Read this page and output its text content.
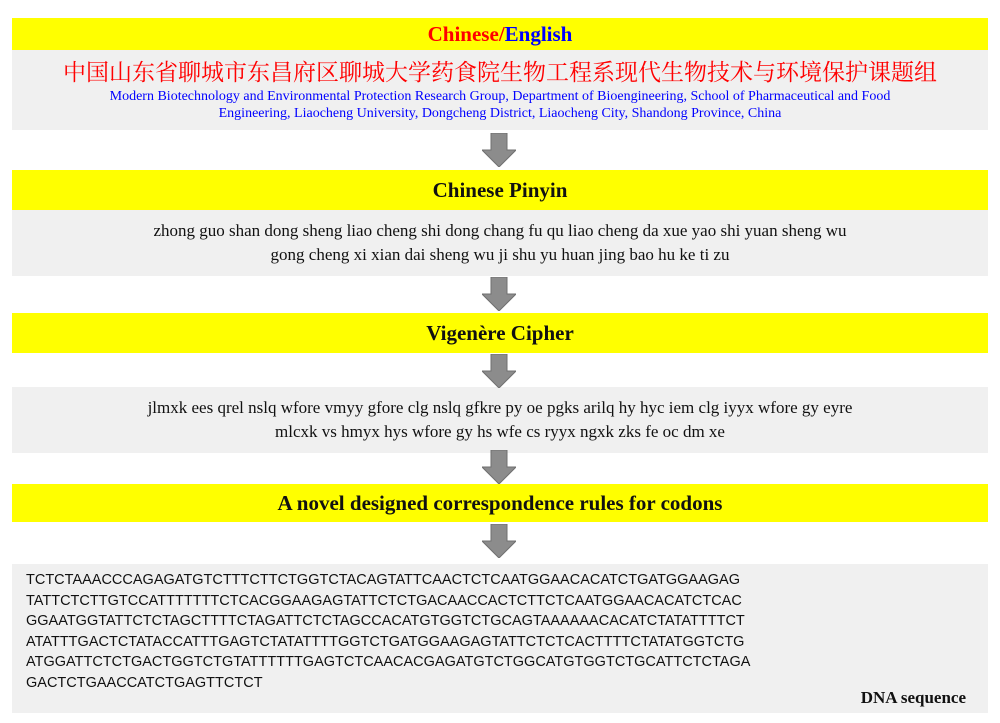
Chinese / English
中国山东省聊城市东昌府区聊城大学药食院生物工程系现代生物技术与环境保护课题组
Modern Biotechnology and Environmental Protection Research Group, Department of Bioengineering, School of Pharmaceutical and Food
Engineering, Liaocheng University, Dongcheng District, Liaocheng City, Shandong Province, China
Chinese Pinyin
zhong guo shan dong sheng liao cheng shi dong chang fu qu liao cheng da xue yao shi yuan sheng wu
gong cheng xi xian dai sheng wu ji shu yu huan jing bao hu ke ti zu
Vigenère Cipher
jlmxk ees qrel nslq wfore vmyy gfore clg nslq gfkre py oe pgks arilq hy hyc iem clg iyyx wfore gy eyre
mlcxk vs hmyx hys wfore gy hs wfe cs ryyx ngxk zks fe oc dm xe
A novel designed correspondence rules for codons
TCTCTAAACCCAGAGATGTCTTTCTTCTGGTCTACAGTATTCAACTCTCAATGGAACACATCTGATGGAAGAG
TATTCTCTTGTCCATTTTTTTCTCACGGAAGAGTATTCTCTGACAACCACTCTTCTCAATGGAACACATCTCAC
GGAATGGTATTCTCTAGCTTTTCTAGATTCTCTAGCCACATGTGGTCTGCAGTAAAAAACACATCTATATTTTCT
ATATTTGACTCTATACCATTTGAGTCTATATTTTGGTCTGATGGAAGAGTATTCTCTCACTTTTCTATATGGTCTG
ATGGATTCTCTGACTGGTCTGTATTTTTTGAGTCTCAACACGAGATGTCTGGCATGTGGTCTGCATTCTCTAGA
GACTCTGAACCATCTGAGTTCTCT
DNA sequence
